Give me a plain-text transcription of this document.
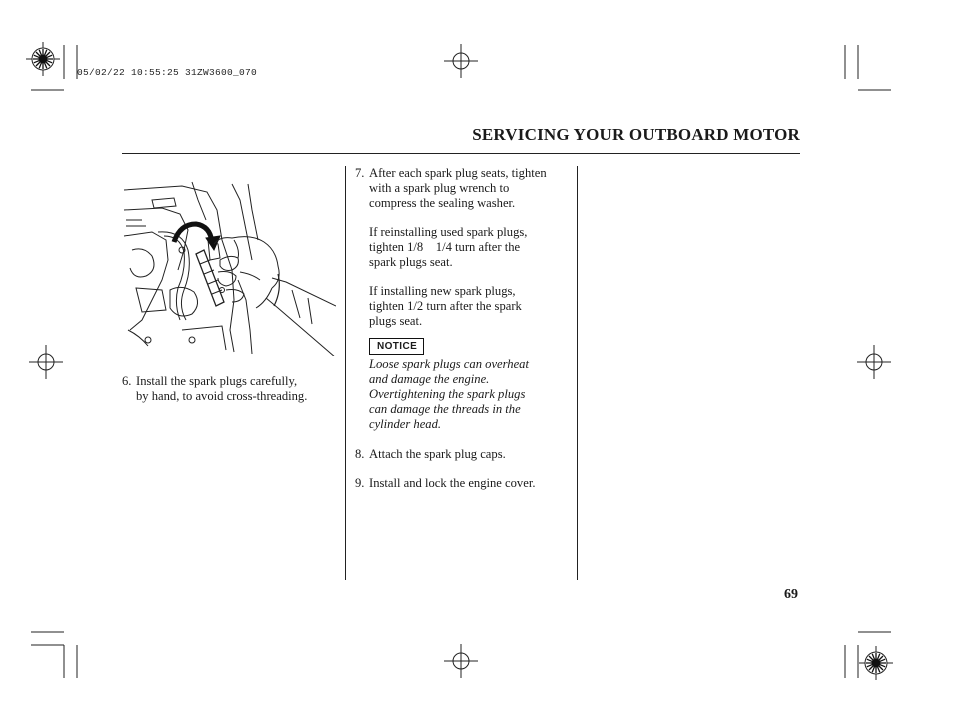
05/02/22 10:55:25 31ZW3600_070
SERVICING YOUR OUTBOARD MOTOR
6. Install the spark plugs carefully,

by hand, to avoid cross-threading.

7. After each spark plug seats, tighten

with a spark plug wrench to

compress the sealing washer.

If reinstalling used spark plugs,

tighten 1/8    1/4 turn after the

spark plugs seat.

If installing new spark plugs,

tighten 1/2 turn after the spark

plugs seat.

NOTICE

Loose spark plugs can overheat

and damage the engine.

Overtightening the spark plugs

can damage the threads in the

cylinder head.

8. Attach the spark plug caps.

9. Install and lock the engine cover.

69
